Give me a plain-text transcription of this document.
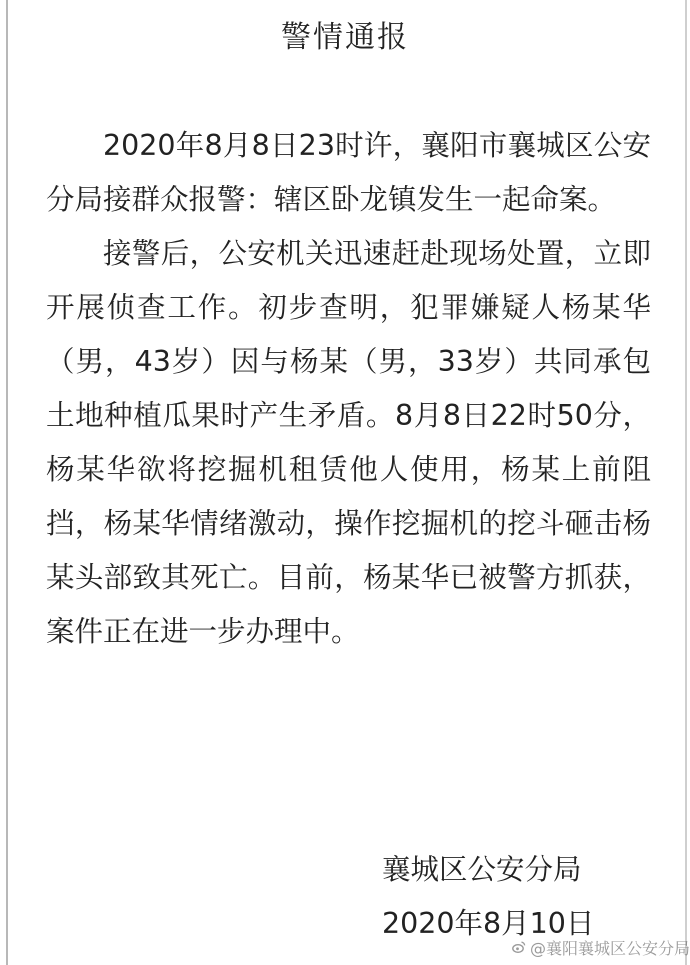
警情通报

2020年8月8日23时许，襄阳市襄城区公安分局接群众报警：辖区卧龙镇发生一起命案。

接警后，公安机关迅速赶赴现场处置，立即开展侦查工作。初步查明，犯罪嫌疑人杨某华（男，43岁）因与杨某（男，33岁）共同承包土地种植瓜果时产生矛盾。8月8日22时50分，杨某华欲将挖掘机租赁他人使用，杨某上前阻挡，杨某华情绪激动，操作挖掘机的挖斗砸击杨某头部致其死亡。目前，杨某华已被警方抓获，案件正在进一步办理中。

襄城区公安分局
2020年8月10日
@襄阳襄城区公安分局
